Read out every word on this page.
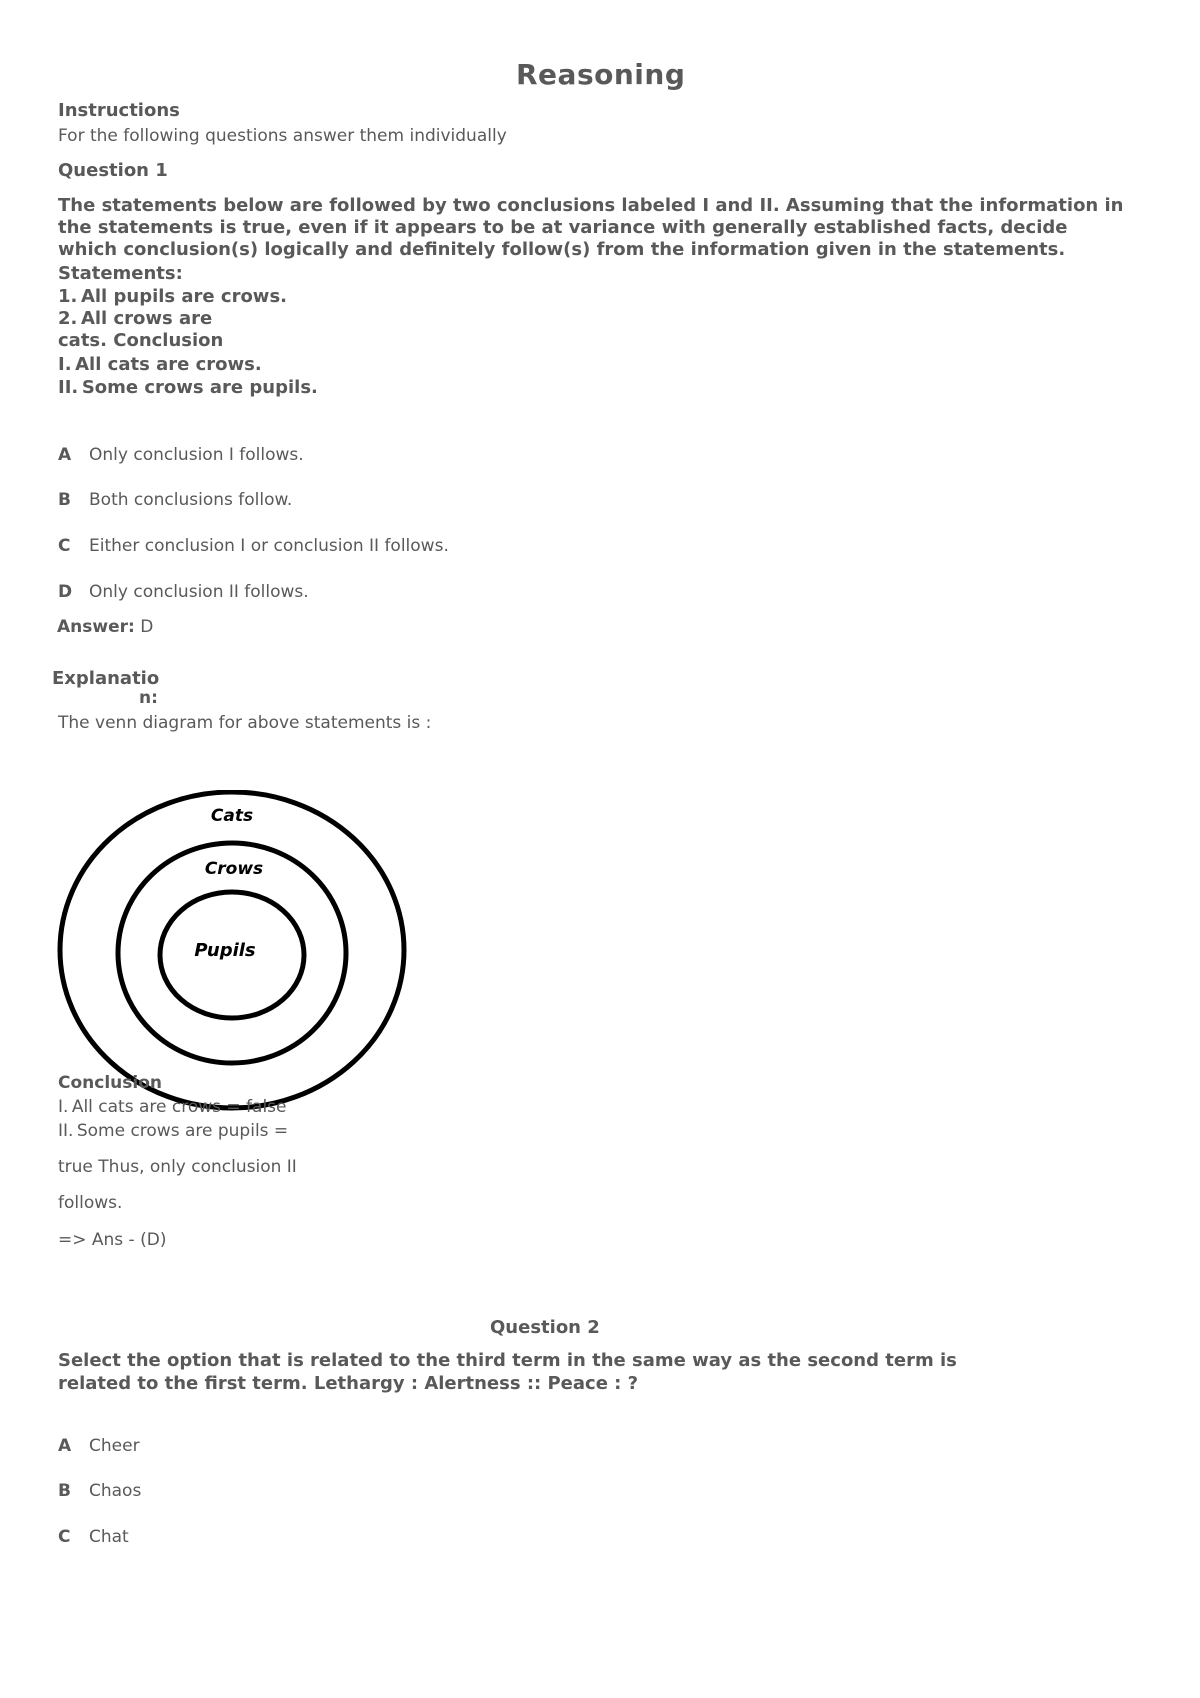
Reasoning
Instructions
For the following questions answer them individually
Question 1
The statements below are followed by two conclusions labeled I and II. Assuming that the information in
the statements is true, even if it appears to be at variance with generally established facts, decide
which conclusion(s) logically and definitely follow(s) from the information given in the statements.
Statements:
1. All pupils are crows.
2. All crows are
cats. Conclusion
I. All cats are crows.
II. Some crows are pupils.
A Only conclusion I follows.
B Both conclusions follow.
C Either conclusion I or conclusion II follows.
D Only conclusion II follows.
Answer: D
Explanatio
n:
The venn diagram for above statements is :
Cats
Crows
Pupils
Conclusion
I. All cats are crows = false
II. Some crows are pupils =
true Thus, only conclusion II
follows.
=> Ans - (D)
Question 2
Select the option that is related to the third term in the same way as the second term is
related to the first term. Lethargy : Alertness :: Peace : ?
A Cheer
B Chaos
C Chat
